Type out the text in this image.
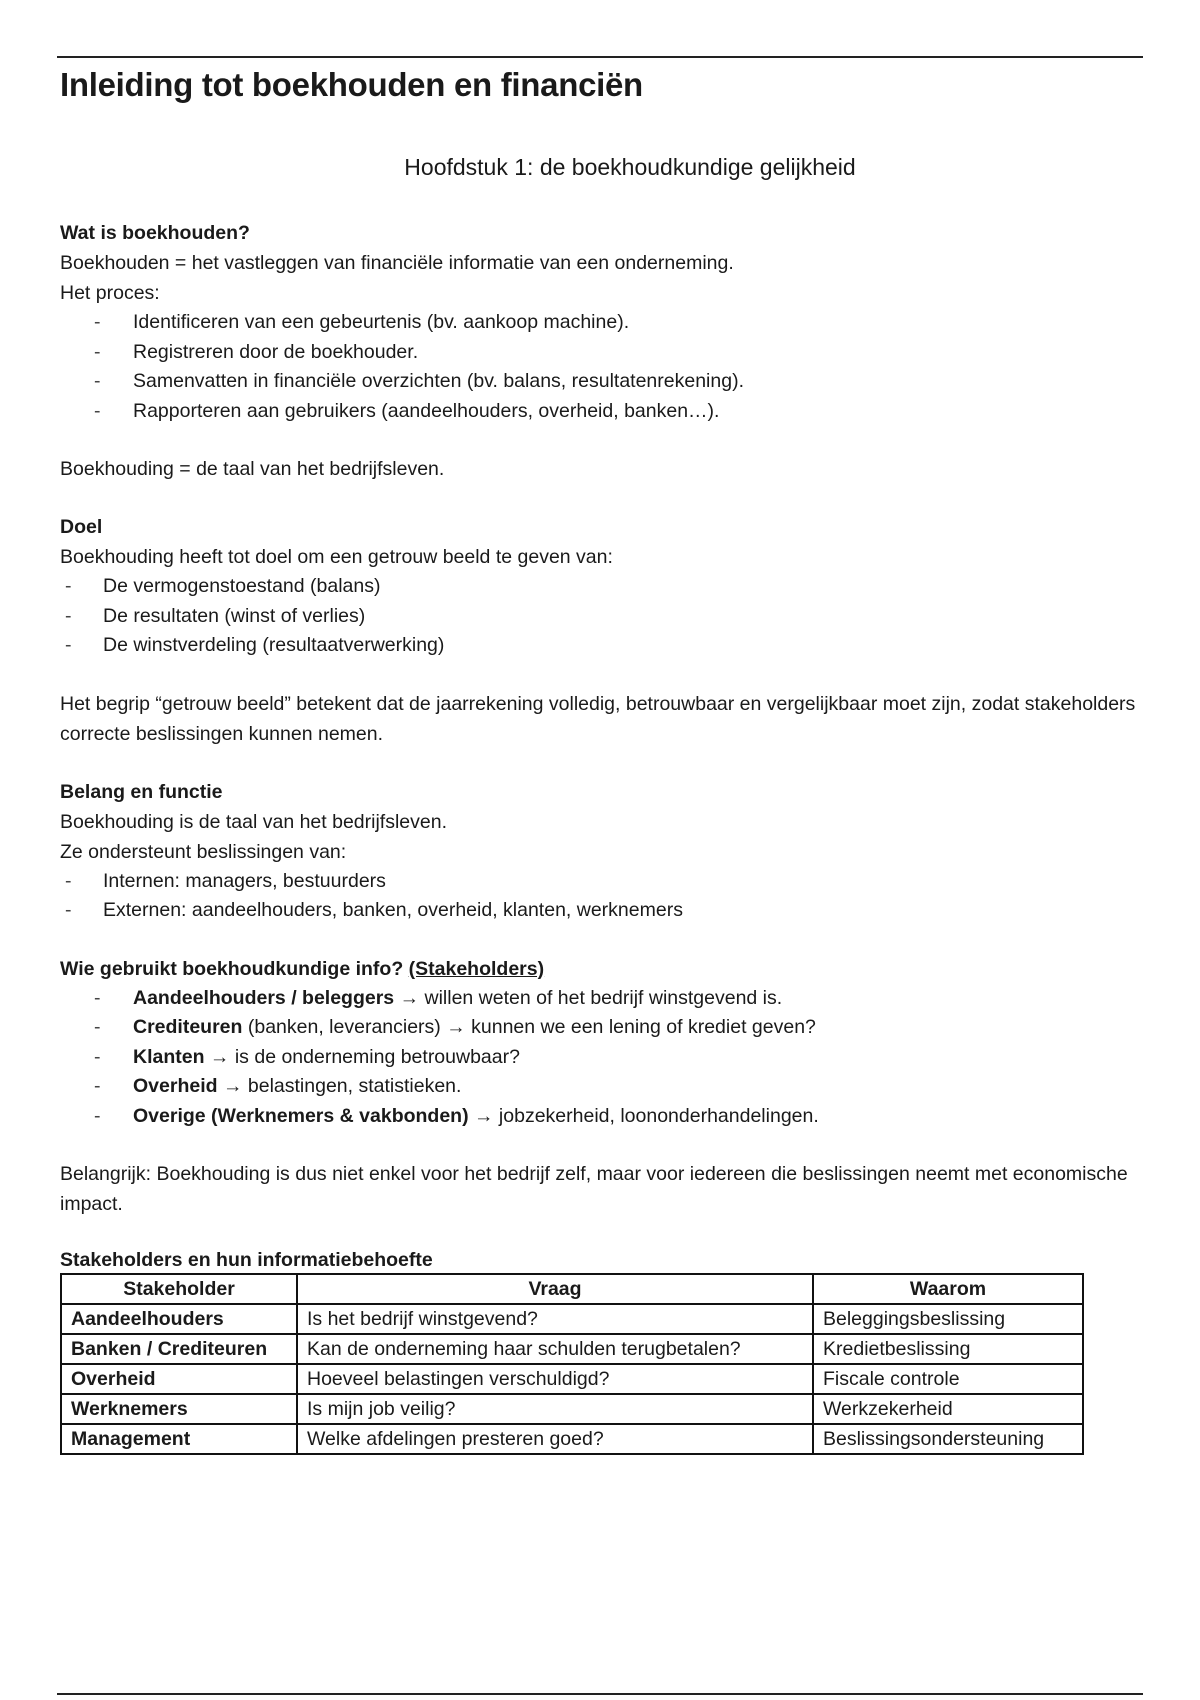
Inleiding tot boekhouden en financiën

Hoofdstuk 1: de boekhoudkundige gelijkheid

Wat is boekhouden?

Boekhouden = het vastleggen van financiële informatie van een onderneming.

Het proces:

- Identificeren van een gebeurtenis (bv. aankoop machine).
- Registreren door de boekhouder.
- Samenvatten in financiële overzichten (bv. balans, resultatenrekening).
- Rapporteren aan gebruikers (aandeelhouders, overheid, banken…).

Boekhouding = de taal van het bedrijfsleven.

Doel

Boekhouding heeft tot doel om een getrouw beeld te geven van:

- De vermogenstoestand (balans)
- De resultaten (winst of verlies)
- De winstverdeling (resultaatverwerking)

Het begrip “getrouw beeld” betekent dat de jaarrekening volledig, betrouwbaar en vergelijkbaar moet zijn, zodat stakeholders correcte beslissingen kunnen nemen.

Belang en functie

Boekhouding is de taal van het bedrijfsleven.

Ze ondersteunt beslissingen van:

- Internen: managers, bestuurders
- Externen: aandeelhouders, banken, overheid, klanten, werknemers

Wie gebruikt boekhoudkundige info? (Stakeholders)

- Aandeelhouders / beleggers → willen weten of het bedrijf winstgevend is.
- Crediteuren (banken, leveranciers) → kunnen we een lening of krediet geven?
- Klanten → is de onderneming betrouwbaar?
- Overheid → belastingen, statistieken.
- Overige (Werknemers & vakbonden) → jobzekerheid, loononderhandelingen.

Belangrijk: Boekhouding is dus niet enkel voor het bedrijf zelf, maar voor iedereen die beslissingen neemt met economische impact.

Stakeholders en hun informatiebehoefte

Stakeholder	Vraag	Waarom
Aandeelhouders	Is het bedrijf winstgevend?	Beleggingsbeslissing
Banken / Crediteuren	Kan de onderneming haar schulden terugbetalen?	Kredietbeslissing
Overheid	Hoeveel belastingen verschuldigd?	Fiscale controle
Werknemers	Is mijn job veilig?	Werkzekerheid
Management	Welke afdelingen presteren goed?	Beslissingsondersteuning
